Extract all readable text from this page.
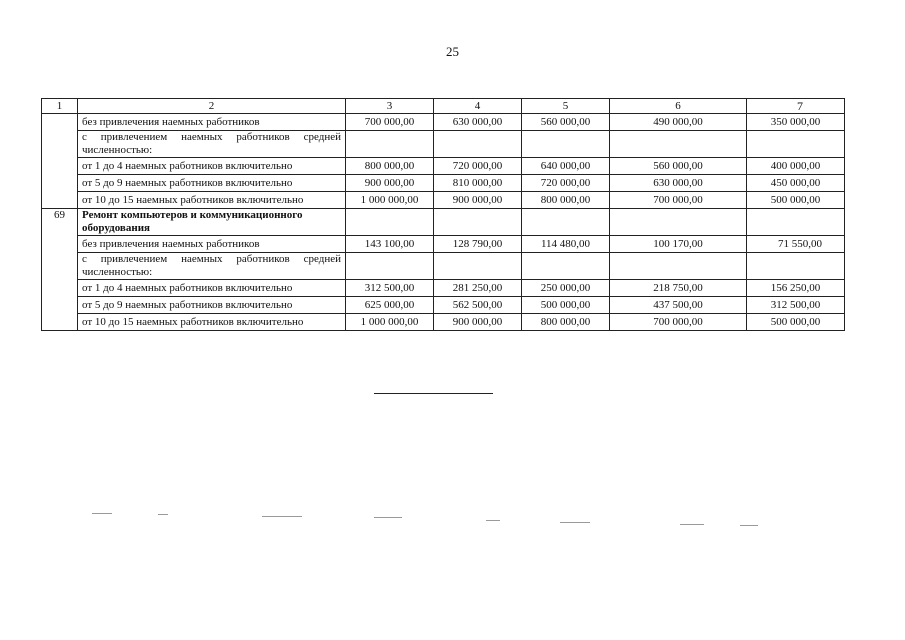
25
1	2	3	4	5	6	7
	без привлечения наемных работников	700 000,00	630 000,00	560 000,00	490 000,00	350 000,00
	с привлечением наемных работников средней численностью:					
	от 1 до 4 наемных работников включительно	800 000,00	720 000,00	640 000,00	560 000,00	400 000,00
	от 5 до 9 наемных работников включительно	900 000,00	810 000,00	720 000,00	630 000,00	450 000,00
	от 10 до 15 наемных работников включительно	1 000 000,00	900 000,00	800 000,00	700 000,00	500 000,00
69	Ремонт компьютеров и коммуникационного оборудования					
	без привлечения наемных работников	143 100,00	128 790,00	114 480,00	100 170,00	71 550,00
	с привлечением наемных работников средней численностью:					
	от 1 до 4 наемных работников включительно	312 500,00	281 250,00	250 000,00	218 750,00	156 250,00
	от 5 до 9 наемных работников включительно	625 000,00	562 500,00	500 000,00	437 500,00	312 500,00
	от 10 до 15 наемных работников включительно	1 000 000,00	900 000,00	800 000,00	700 000,00	500 000,00
